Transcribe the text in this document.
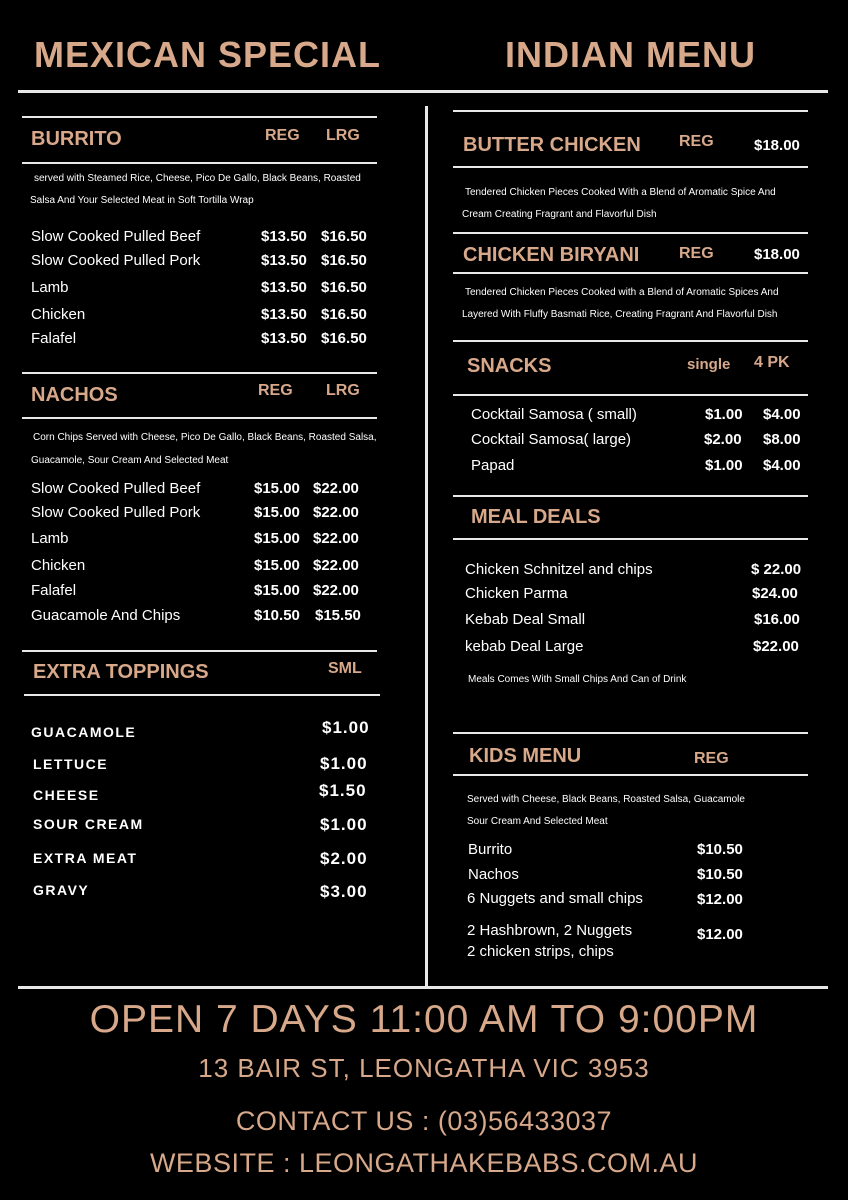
MEXICAN SPECIAL	INDIAN MENU
BURRITO	REG LRG
served with Steamed Rice, Cheese, Pico De Gallo, Black Beans, Roasted
Salsa And Your Selected Meat in Soft Tortilla Wrap
Slow Cooked Pulled Beef	$13.50 $16.50
Slow Cooked Pulled Pork	$13.50 $16.50
Lamb	$13.50 $16.50
Chicken	$13.50 $16.50
Falafel	$13.50 $16.50
NACHOS	REG LRG
Corn Chips Served with Cheese, Pico De Gallo, Black Beans, Roasted Salsa,
Guacamole, Sour Cream And Selected Meat
Slow Cooked Pulled Beef	$15.00 $22.00
Slow Cooked Pulled Pork	$15.00 $22.00
Lamb	$15.00 $22.00
Chicken	$15.00 $22.00
Falafel	$15.00 $22.00
Guacamole And Chips	$10.50 $15.50
EXTRA TOPPINGS	SML
GUACAMOLE	$1.00
LETTUCE	$1.00
CHEESE	$1.50
SOUR CREAM	$1.00
EXTRA MEAT	$2.00
GRAVY	$3.00
BUTTER CHICKEN REG	$18.00
Tendered Chicken Pieces Cooked With a Blend of Aromatic Spice And
Cream Creating Fragrant and Flavorful Dish
CHICKEN BIRYANI REG	$18.00
Tendered Chicken Pieces Cooked with a Blend of Aromatic Spices And
Layered With Fluffy Basmati Rice, Creating Fragrant And Flavorful Dish
SNACKS	single 4 PK
Cocktail Samosa ( small)	$1.00 $4.00
Cocktail Samosa( large)	$2.00 $8.00
Papad	$1.00 $4.00
MEAL DEALS
Chicken Schnitzel and chips	$ 22.00
Chicken Parma	$24.00
Kebab Deal Small	$16.00
kebab Deal Large	$22.00
Meals Comes With Small Chips And Can of Drink
KIDS MENU	REG
Served with Cheese, Black Beans, Roasted Salsa, Guacamole
Sour Cream And Selected Meat
Burrito	$10.50
Nachos	$10.50
6 Nuggets and small chips	$12.00
2 Hashbrown, 2 Nuggets
2 chicken strips, chips
$12.00
OPEN 7 DAYS 11:00 AM TO 9:00PM
13 BAIR ST, LEONGATHA VIC 3953
CONTACT US : (03)56433037
WEBSITE : LEONGATHAKEBABS.COM.AU
